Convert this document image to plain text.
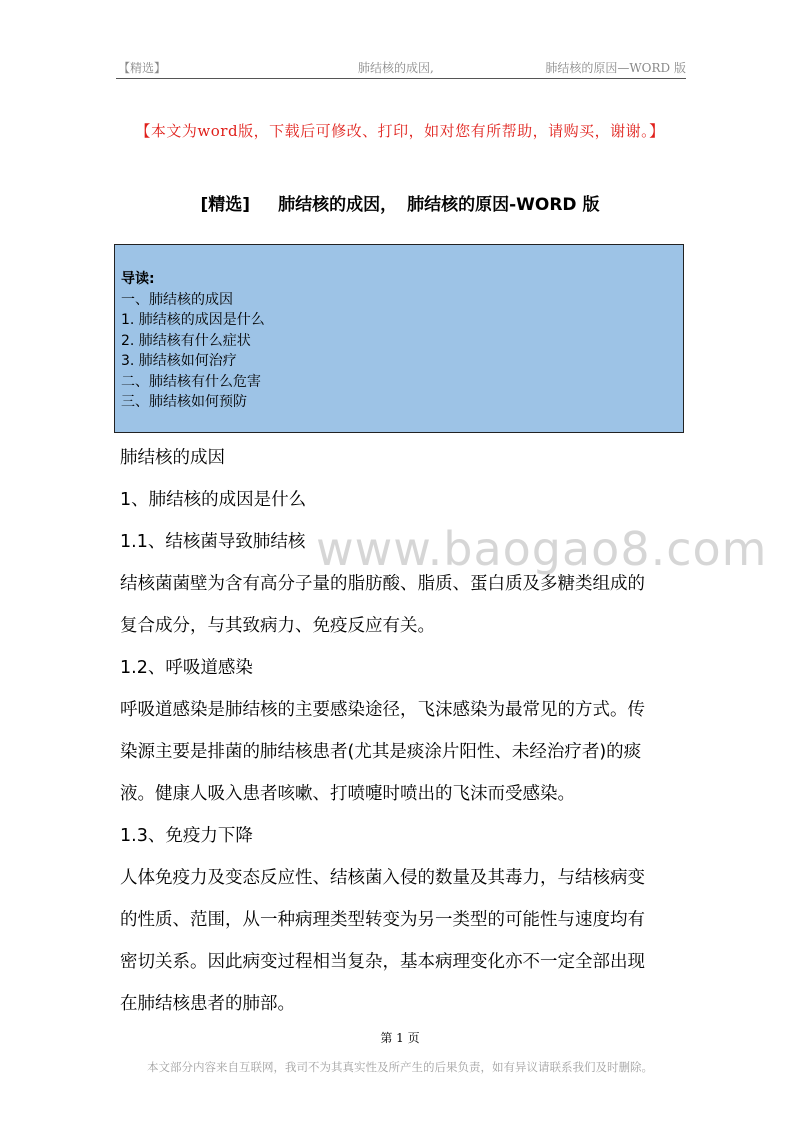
【精选】	肺结核的成因,	肺结核的原因—WORD 版
【本文为word版，下载后可修改、打印，如对您有所帮助，请购买，谢谢。】
[精选] 肺结核的成因， 肺结核的原因-WORD 版
导读:
一、肺结核的成因
1. 肺结核的成因是什么
2. 肺结核有什么症状
3. 肺结核如何治疗
二、肺结核有什么危害
三、肺结核如何预防

肺结核的成因

1、肺结核的成因是什么

1.1、结核菌导致肺结核

结核菌菌壁为含有高分子量的脂肪酸、脂质、蛋白质及多糖类组成的

复合成分，与其致病力、免疫反应有关。

1.2、呼吸道感染

呼吸道感染是肺结核的主要感染途径，飞沫感染为最常见的方式。传

染源主要是排菌的肺结核患者(尤其是痰涂片阳性、未经治疗者)的痰

液。健康人吸入患者咳嗽、打喷嚏时喷出的飞沫而受感染。

1.3、免疫力下降

人体免疫力及变态反应性、结核菌入侵的数量及其毒力，与结核病变

的性质、范围，从一种病理类型转变为另一类型的可能性与速度均有

密切关系。因此病变过程相当复杂，基本病理变化亦不一定全部出现

在肺结核患者的肺部。

www.baogao8.com
第 1 页
本文部分内容来自互联网，我司不为其真实性及所产生的后果负责，如有异议请联系我们及时删除。
